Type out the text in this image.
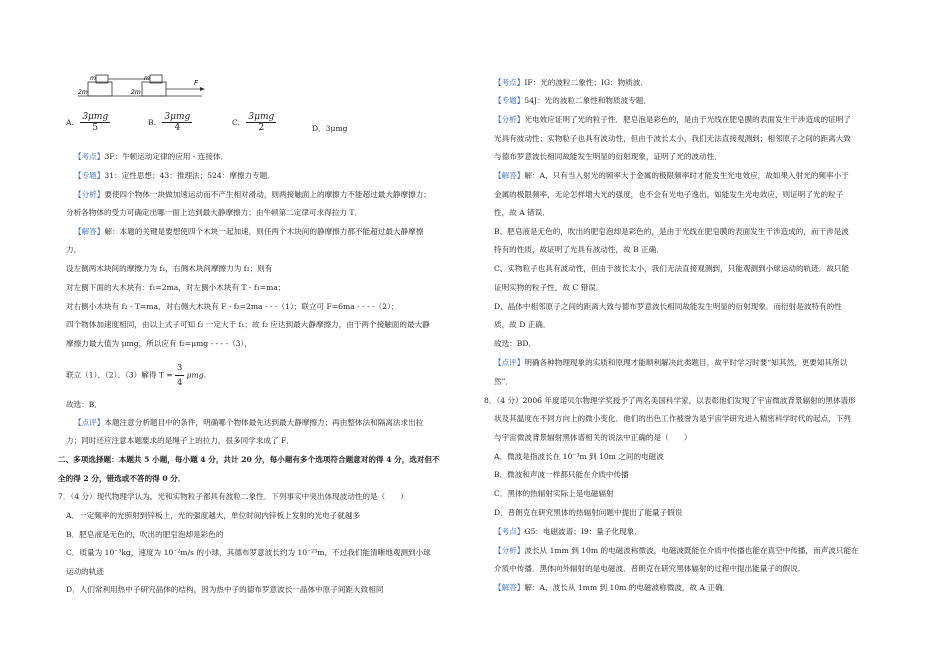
m
2m
m
2m
F
A. $\frac{\text{3μmg}}{5}$	B. $\frac{\text{3μmg}}{4}$	C. $\frac{\text{3μmg}}{2}$	D．3μmg
【考点】3F：牛顿运动定律的应用 - 连接体．
【专题】31：定性思想；43：推理法；524：摩擦力专题．
【分析】要使四个物体一块做加速运动而不产生相对滑动，则两接触面上的摩擦力不能超过最大静摩擦力；
分析各物体的受力可确定出哪一面上达到最大静摩擦力；由牛顿第二定律可求得拉力 T．
【解答】解：本题的关键是要想使四个木块一起加速，则任两个木块间的静摩擦力都不能超过最大静摩擦
力，
设左侧两木块间的摩擦力为 f₁，右侧木块间摩擦力为 f₂；则有
对左侧下面的大木块有：f₁=2ma，对左侧小木块有 T - f₁=ma；
对右侧小木块有 f₂ - T=ma，对右侧大木块有 F - f₂=2ma - - -（1）；联立可 F=6ma - - - -（2）；
四个物体加速度相同，由以上式子可知 f₂ 一定大于 f₁；故 f₂ 应达到最大静摩擦力，由于两个接触面的最大静
摩擦力最大值为 μmg，所以应有 f₂=μmg - - - -（3），
联立（1）、（2）、（3）解得 $T = \frac{3}{4}$ μmg．
故选：B．
【点评】本题注意分析题目中的条件，明确哪个物体最先达到最大静摩擦力；再由整体法和隔离法求出拉
力；同时还应注意本题要求的是绳子上的拉力，很多同学求成了 F．
二、多项选择题：本题共 5 小题，每小题 4 分，共计 20 分，每小题有多个选项符合题意对的得 4 分，选对但不
全的得 2 分，错选或不答的得 0 分．
7．（4 分）现代物理学认为，光和实物粒子都具有波粒二象性．下列事实中突出体现波动性的是（　　）
A．一定频率的光照射到锌板上，光的强度越大，单位时间内锌板上发射的光电子就越多
B．肥皂液是无色的，吹出的肥皂泡却是彩色的
C．质量为 10⁻³kg，速度为 10⁻²m/s 的小球，其德布罗意波长约为 10⁻²³m，不过我们能清晰地观测到小球
运动的轨迹
D．人们常利用热中子研究晶体的结构，因为热中子的德布罗意波长一晶体中原子间距大致相同
【考点】IF：光的波粒二象性；IG：物质波．
【专题】54J：光的波粒二象性和物质波专题．
【分析】光电效应证明了光的粒子性．肥皂泡是彩色的，是由于光线在肥皂膜的表面发生干涉造成的证明了
光具有波动性；实物粒子也具有波动性，但由于波长太小，我们无法直接观测到；相邻原子之间的距离大致
与德布罗意波长相同故能发生明显的衍射现象，证明了光的波动性．
【解答】解：A、只有当入射光的频率大于金属的极限频率时才能发生光电效应，故如果入射光的频率小于
金属的极限频率，无论怎样增大光的强度，也不会有光电子逸出，如能发生光电效应，则证明了光的粒子
性，故 A 错误．
B、肥皂液是无色的，吹出的肥皂泡却是彩色的，是由于光线在肥皂膜的表面发生干涉造成的，而干涉是波
特有的性质，故证明了光具有波动性，故 B 正确．
C、实物粒子也具有波动性，但由于波长太小，我们无法直接观测到，只能观测到小球运动的轨迹．故只能
证明实物的粒子性，故 C 错误．
D、晶体中相邻原子之间的距离大致与德布罗意波长相同故能发生明显的衍射现象．而衍射是波特有的性
质，故 D 正确．
故选：BD．
【点评】明确各种物理现象的实质和原理才能顺利解决此类题目，故平时学习时要“知其然，更要知其所以
然”．
8．（4 分）2006 年度诺贝尔物理学奖授予了两名美国科学家，以表彰他们发现了宇宙微波背景辐射的黑体谱形
状及其温度在不同方向上的微小变化．他们的出色工作被誉为是宇宙学研究进入精密科学时代的起点，下列
与宇宙微波背景辐射黑体谱相关的说法中正确的是（　　）
A．微波是指波长在 10⁻³m 到 10m 之间的电磁波
B．微波和声波一样都只能在介质中传播
C．黑体的热辐射实际上是电磁辐射
D．普朗克在研究黑体的热辐射问题中提出了能量子假说
【考点】G5：电磁波谱；I9：量子化现象．
【分析】波长从 1mm 到 10m 的电磁波称微波，电磁波既能在介质中传播也能在真空中传播，而声波只能在
介质中传播．黑体向外辐射的是电磁波．普朗克在研究黑体辐射的过程中提出能量子的假说．
【解答】解：A、波长从 1mm 到 10m 的电磁波称微波，故 A 正确．
